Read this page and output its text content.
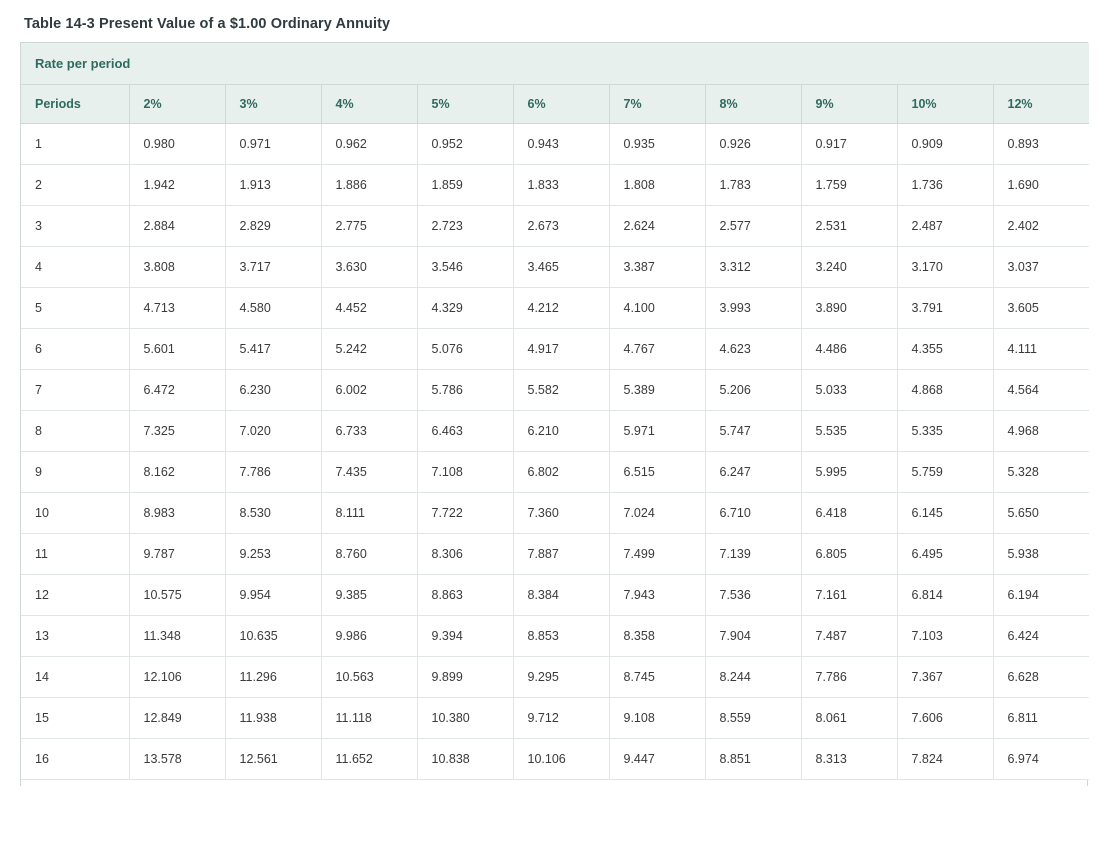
Table 14-3 Present Value of a $1.00 Ordinary Annuity
Rate per period										
Periods	2%	3%	4%	5%	6%	7%	8%	9%	10%	12%
1	0.980	0.971	0.962	0.952	0.943	0.935	0.926	0.917	0.909	0.893
2	1.942	1.913	1.886	1.859	1.833	1.808	1.783	1.759	1.736	1.690
3	2.884	2.829	2.775	2.723	2.673	2.624	2.577	2.531	2.487	2.402
4	3.808	3.717	3.630	3.546	3.465	3.387	3.312	3.240	3.170	3.037
5	4.713	4.580	4.452	4.329	4.212	4.100	3.993	3.890	3.791	3.605
6	5.601	5.417	5.242	5.076	4.917	4.767	4.623	4.486	4.355	4.111
7	6.472	6.230	6.002	5.786	5.582	5.389	5.206	5.033	4.868	4.564
8	7.325	7.020	6.733	6.463	6.210	5.971	5.747	5.535	5.335	4.968
9	8.162	7.786	7.435	7.108	6.802	6.515	6.247	5.995	5.759	5.328
10	8.983	8.530	8.111	7.722	7.360	7.024	6.710	6.418	6.145	5.650
11	9.787	9.253	8.760	8.306	7.887	7.499	7.139	6.805	6.495	5.938
12	10.575	9.954	9.385	8.863	8.384	7.943	7.536	7.161	6.814	6.194
13	11.348	10.635	9.986	9.394	8.853	8.358	7.904	7.487	7.103	6.424
14	12.106	11.296	10.563	9.899	9.295	8.745	8.244	7.786	7.367	6.628
15	12.849	11.938	11.118	10.380	9.712	9.108	8.559	8.061	7.606	6.811
16	13.578	12.561	11.652	10.838	10.106	9.447	8.851	8.313	7.824	6.974
